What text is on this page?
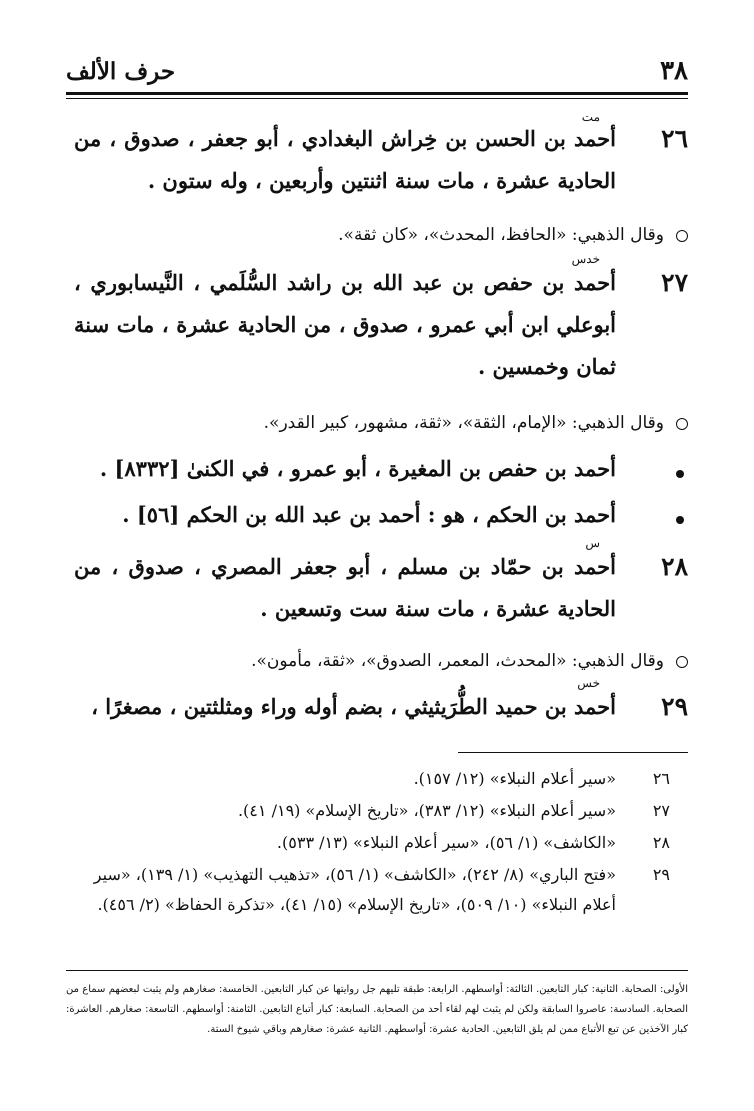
٣٨
حرف الألف
مت
٢٦
أحمد بن الحسن بن خِراش البغدادي ، أبو جعفر ، صدوق ، من الحادية عشرة ، مات سنة اثنتين وأربعين ، وله ستون .
وقال الذهبي: «الحافظ، المحدث»، «كان ثقة».
خدس
٢٧
أحمد بن حفص بن عبد الله بن راشد السُّلَمي ، النَّيسابوري ، أبوعلي ابن أبي عمرو ، صدوق ، من الحادية عشرة ، مات سنة ثمان وخمسين .
وقال الذهبي: «الإمام، الثقة»، «ثقة، مشهور، كبير القدر».
أحمد بن حفص بن المغيرة ، أبو عمرو ، في الكنىٰ [٨٣٣٢] .
أحمد بن الحكم ، هو : أحمد بن عبد الله بن الحكم [٥٦] .
س
٢٨
أحمد بن حمّاد بن مسلم ، أبو جعفر المصري ، صدوق ، من الحادية عشرة ، مات سنة ست وتسعين .
وقال الذهبي: «المحدث، المعمر، الصدوق»، «ثقة، مأمون».
خس
٢٩
أحمد بن حميد الطُّرَيثيثي ، بضم أوله وراء ومثلثتين ، مصغرًا ،
٢٦
«سير أعلام النبلاء» (١٢/ ١٥٧).
٢٧
«سير أعلام النبلاء» (١٢/ ٣٨٣)، «تاريخ الإسلام» (١٩/ ٤١).
٢٨
«الكاشف» (١/ ٥٦)، «سير أعلام النبلاء» (١٣/ ٥٣٣).
٢٩
«فتح الباري» (٨/ ٢٤٢)، «الكاشف» (١/ ٥٦)، «تذهيب التهذيب» (١/ ١٣٩)، «سير أعلام النبلاء» (١٠/ ٥٠٩)، «تاريخ الإسلام» (١٥/ ٤١)، «تذكرة الحفاظ» (٢/ ٤٥٦).
الأولى: الصحابة. الثانية: كبار التابعين. الثالثة: أواسطهم. الرابعة: طبقة تليهم جل روايتها عن كبار التابعين. الخامسة: صغارهم ولم يثبت لبعضهم سماع من الصحابة. السادسة: عاصروا السابقة ولكن لم يثبت لهم لقاء أحد من الصحابة. السابعة: كبار أتباع التابعين. الثامنة: أواسطهم. التاسعة: صغارهم. العاشرة: كبار الآخذين عن تبع الأتباع ممن لم يلق التابعين. الحادية عشرة: أواسطهم. الثانية عشرة: صغارهم وباقي شيوخ الستة.
